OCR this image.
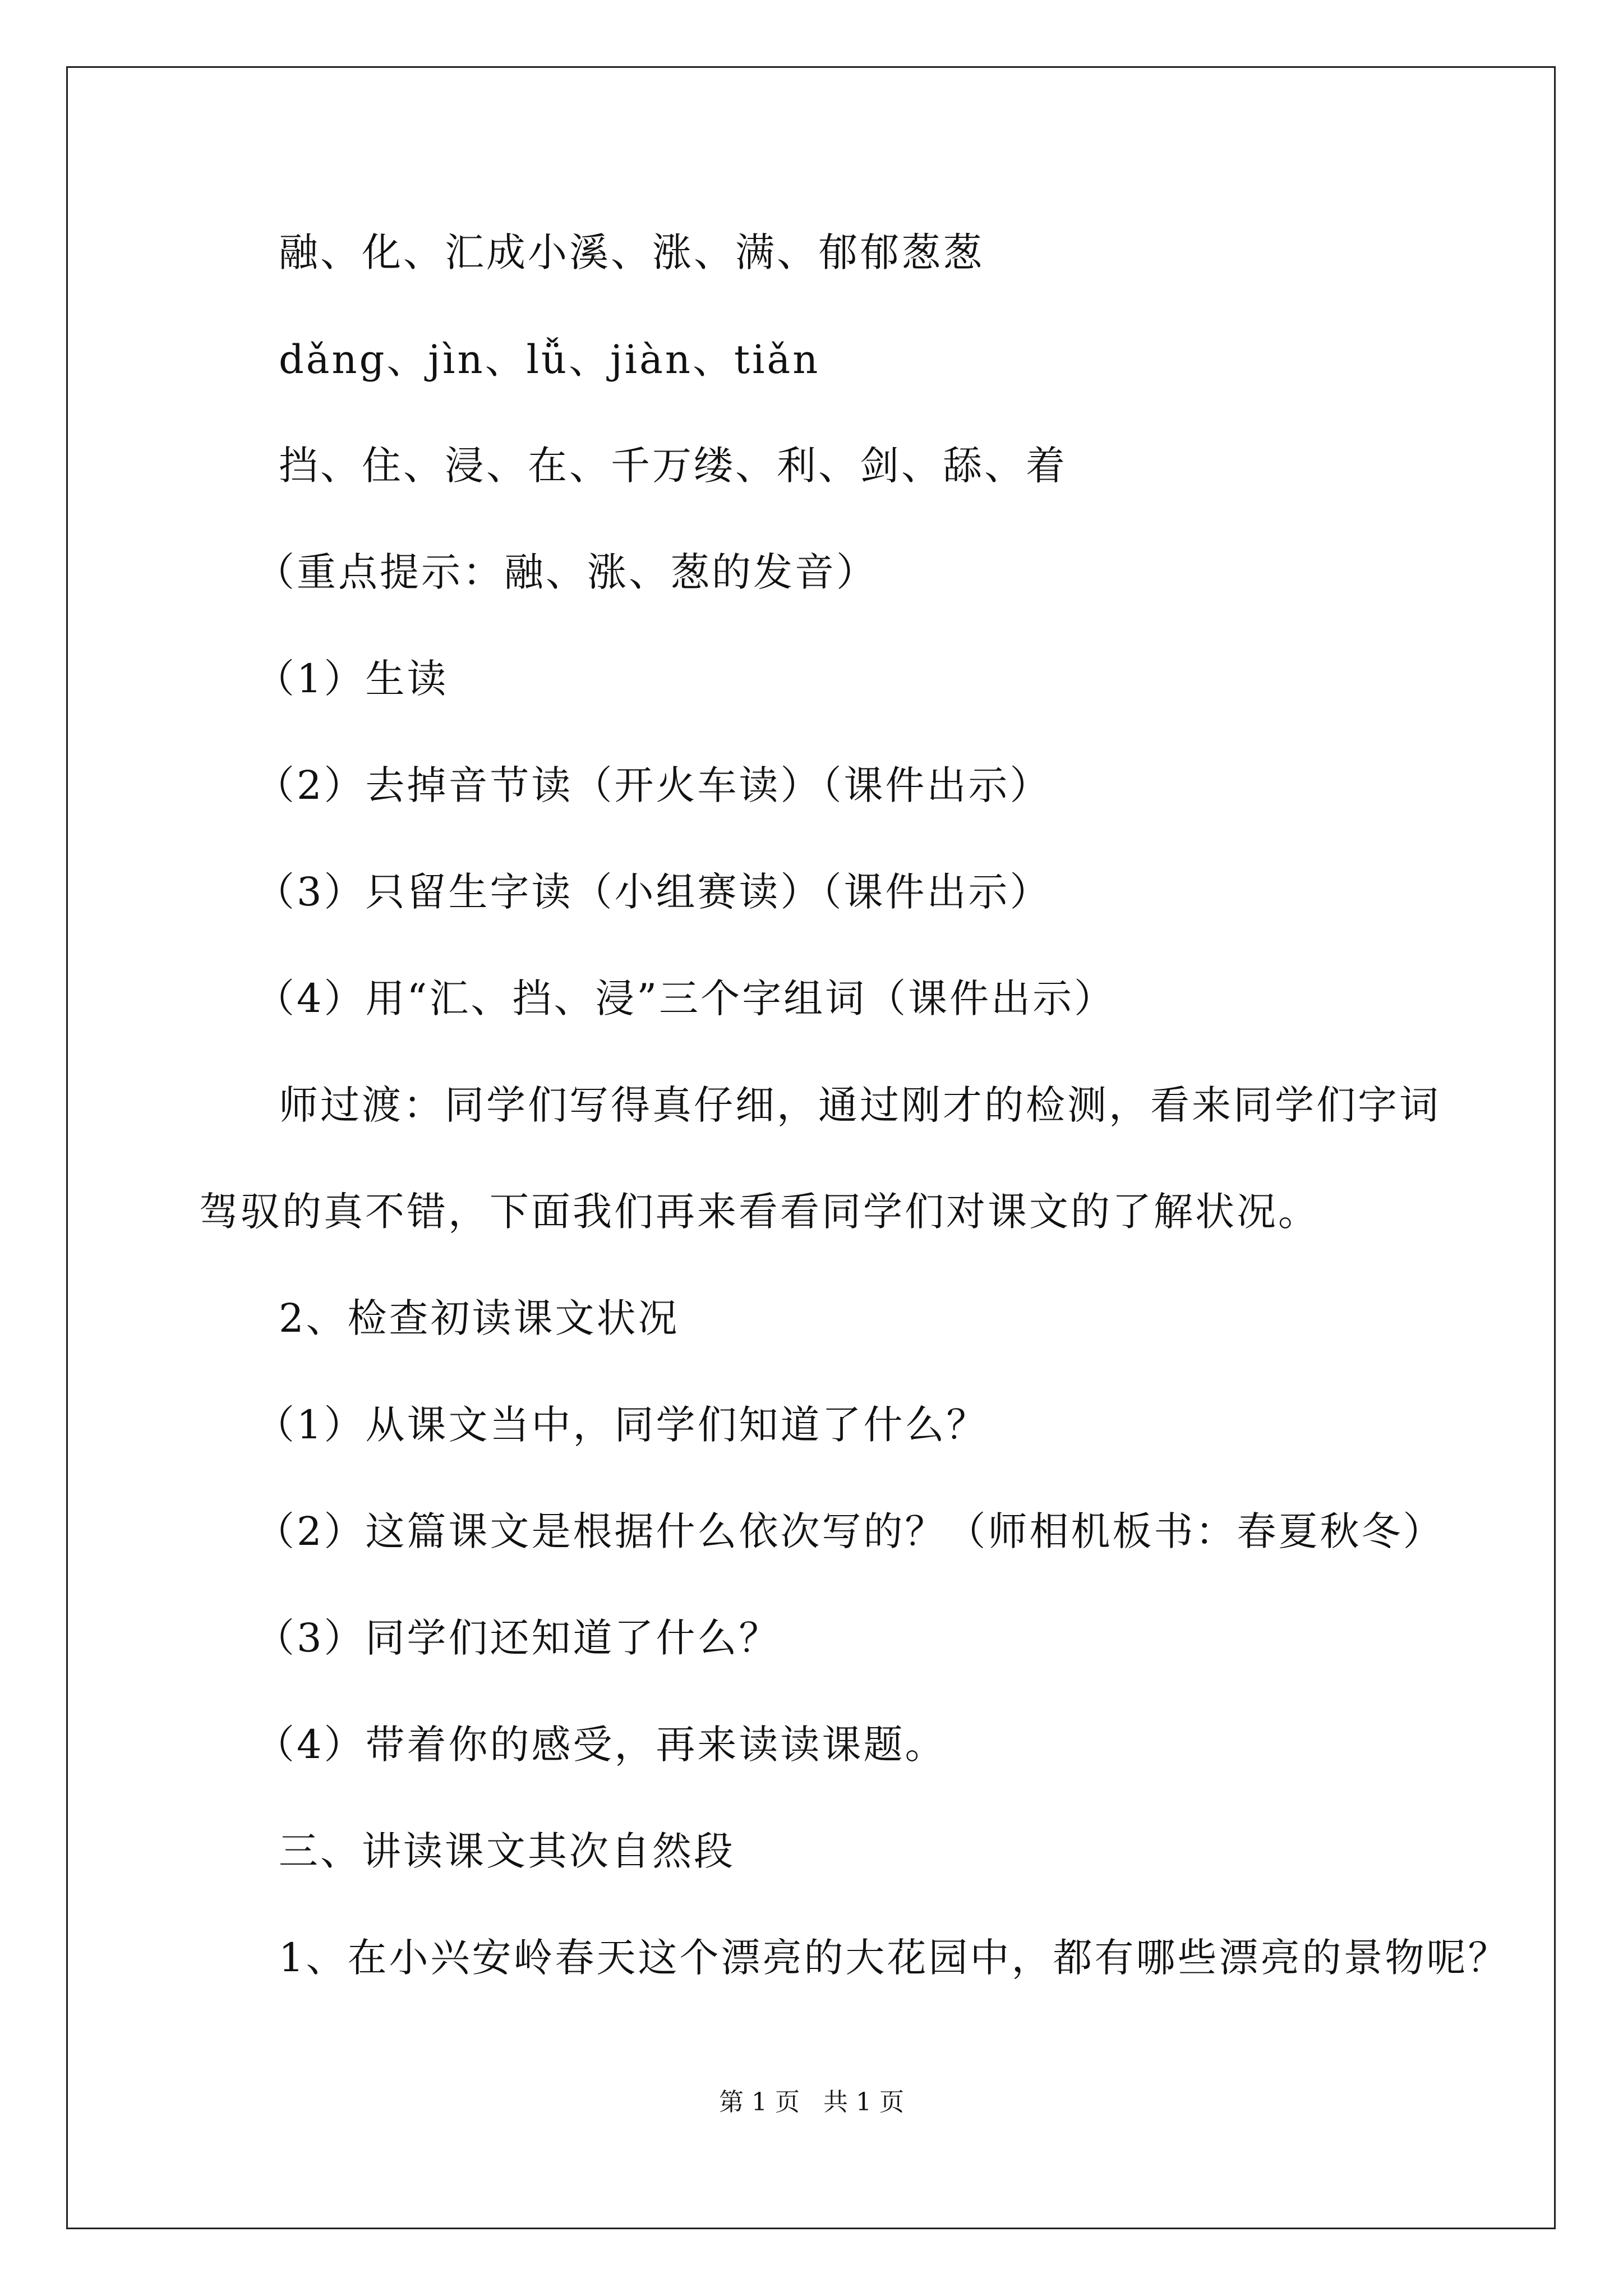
融、化、汇成小溪、涨、满、郁郁葱葱
dǎng、jìn、lǚ、jiàn、tiǎn
挡、住、浸、在、千万缕、利、剑、舔、着
（重点提示：融、涨、葱的发音）
（1）生读
（2）去掉音节读（开火车读）（课件出示）
（3）只留生字读（小组赛读）（课件出示）
（4）用“汇、挡、浸”三个字组词（课件出示）
师过渡：同学们写得真仔细，通过刚才的检测，看来同学们字词
驾驭的真不错，下面我们再来看看同学们对课文的了解状况。
2、检查初读课文状况
（1）从课文当中，同学们知道了什么？
（2）这篇课文是根据什么依次写的？（师相机板书：春夏秋冬）
（3）同学们还知道了什么？
（4）带着你的感受，再来读读课题。
三、讲读课文其次自然段
1、在小兴安岭春天这个漂亮的大花园中，都有哪些漂亮的景物呢？
第 1 页   共 1 页
